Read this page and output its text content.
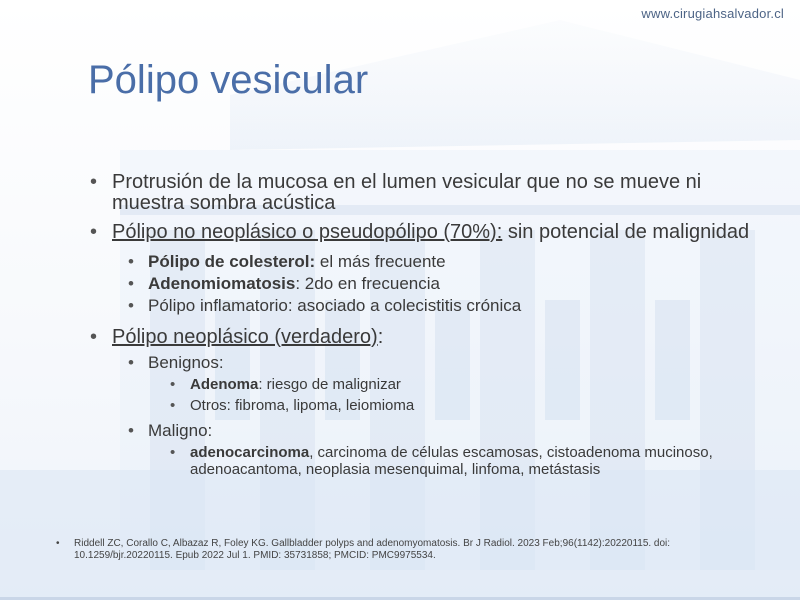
www.cirugiahsalvador.cl
Pólipo vesicular
• Protrusión de la mucosa en el lumen vesicular que no se mueve ni muestra sombra acústica
• Pólipo no neoplásico o pseudopólipo (70%): sin potencial de malignidad
• Pólipo de colesterol: el más frecuente
• Adenomiomatosis: 2do en frecuencia
• Pólipo inflamatorio: asociado a colecistitis crónica
• Pólipo neoplásico (verdadero):
• Benignos:
• Adenoma: riesgo de malignizar
• Otros: fibroma, lipoma, leiomioma
• Maligno:
• adenocarcinoma, carcinoma de células escamosas, cistoadenoma mucinoso, adenoacantoma, neoplasia mesenquimal, linfoma, metástasis
• Riddell ZC, Corallo C, Albazaz R, Foley KG. Gallbladder polyps and adenomyomatosis. Br J Radiol. 2023 Feb;96(1142):20220115. doi: 10.1259/bjr.20220115. Epub 2022 Jul 1. PMID: 35731858; PMCID: PMC9975534.
